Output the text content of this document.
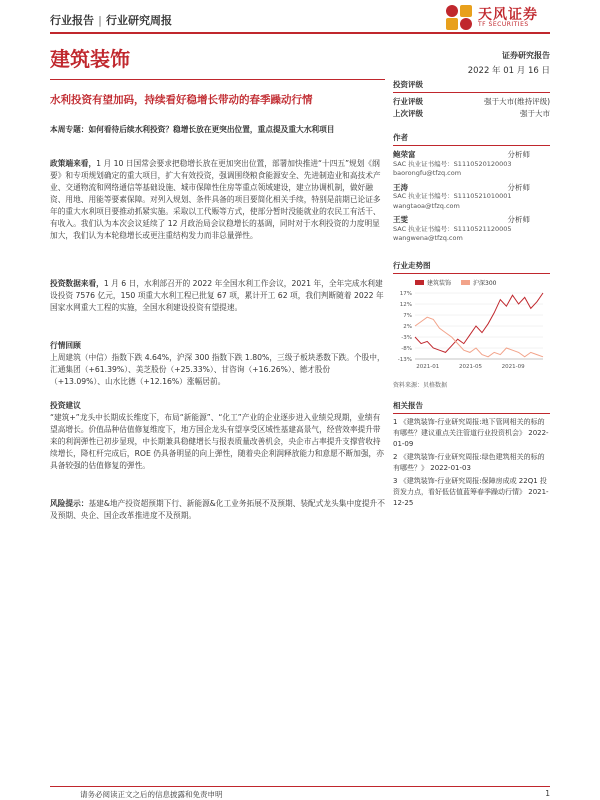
行业报告 | 行业研究周报	天风证券
TF SECURITIES
建筑装饰	证券研究报告
2022 年 01 月 16 日
水利投资有望加码，持续看好稳增长带动的春季躁动行情
本周专题：如何看待后续水利投资？稳增长放在更突出位置，重点提及重大水利项目
政策端来看，1 月 10 日国常会要求把稳增长放在更加突出位置，部署加快推进“十四五”规划《纲要》和专项规划确定的重大项目，扩大有效投资，强调围绕粮食能源安全、先进制造业和高技术产业、交通物流和网络通信等基础设施、城市保障性住房等重点领域建设，建立协调机制，做好融资、用地、用能等要素保障。对列入规划、条件具备的项目要简化相关手续，特别是前期已论证多年的重大水利项目要推动抓紧实施。采取以工代赈等方式，使部分暂时没能就业的农民工有活干、有收入。我们认为本次会议延续了 12 月政治局会议稳增长的基调，同时对于水利投资的力度明显加大，我们认为本轮稳增长或更注重结构发力而非总量弹性。
投资数据来看，1 月 6 日，水利部召开的 2022 年全国水利工作会议，2021 年，全年完成水利建设投资 7576 亿元，150 项重大水利工程已批复 67 项，累计开工 62 项，我们判断随着 2022 年国家水网重大工程的实施，全国水利建设投资有望提速。
行情回顾
上周建筑（中信）指数下跌 4.64%，沪深 300 指数下跌 1.80%，三级子板块悉数下跌。个股中，汇通集团（+61.39%）、美芝股份（+25.33%）、甘咨询（+16.26%）、德才股份（+13.09%）、山水比德（+12.16%）涨幅居前。
投资建议
“建筑+”龙头中长期成长维度下，布局“新能源”、“化工”产业的企业逐步进入业绩兑现期，业绩有望高增长。价值品种估值修复维度下，地方国企龙头有望享受区域性基建高景气，经营效率提升带来的利润弹性已初步显现，中长期兼具稳健增长与报表质量改善机会，央企市占率提升支撑营收持续增长，降杠杆完成后，ROE 仍具备明显的向上弹性，随着央企利润释放能力和意愿不断加强，亦具备较强的估值修复的弹性。
风险提示：基建&地产投资超预期下行、新能源&化工业务拓展不及预期、装配式龙头集中度提升不及预期、央企、国企改革推进度不及预期。
投资评级
行业评级	强于大市(维持评级)
上次评级	强于大市
作者
鲍荣富	分析师
SAC 执业证书编号：S1110520120003
baorongfu@tfzq.com
王涛	分析师
SAC 执业证书编号：S1110521010001
wangtaoa@tfzq.com
王雯	分析师
SAC 执业证书编号：S1110521120005
wangwena@tfzq.com
行业走势图
建筑装饰	沪深300
17%
12%
7%
2%
-3%
-8%
-13%
2021-01	2021-05	2021-09
资料来源：贝格数据
相关报告
1 《建筑装饰-行业研究周报:地下管网相关的标的有哪些？建议重点关注管道行业投资机会》 2022-01-09
2 《建筑装饰-行业研究周报:绿色建筑相关的标的有哪些？》 2022-01-03
3 《建筑装饰-行业研究周报:保障房成或 22Q1 投资发力点，看好低估值蓝筹春季躁动行情》 2021-12-25
请务必阅读正文之后的信息披露和免责申明	1
